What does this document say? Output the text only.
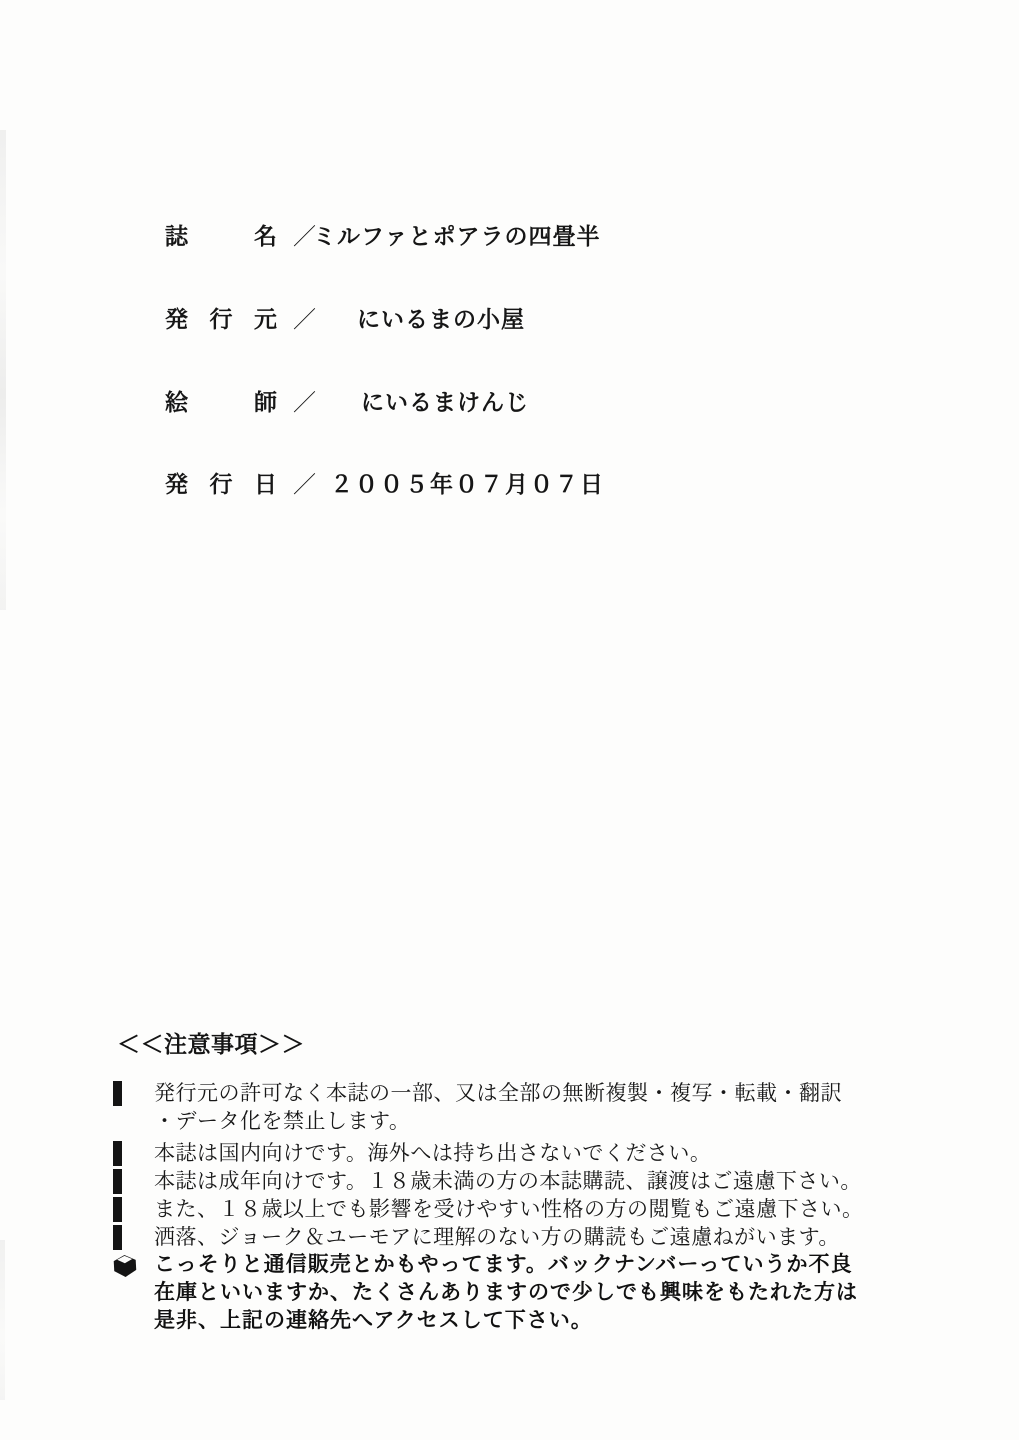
誌名 ／ミルファとポアラの四畳半
発行元 ／ にいるまの小屋
絵師 ／ にいるまけんじ
発行日 ／ ２００５年０７月０７日
＜＜注意事項＞＞
発行元の許可なく本誌の一部、又は全部の無断複製・複写・転載・翻訳
・データ化を禁止します。
本誌は国内向けです。海外へは持ち出さないでください。
本誌は成年向けです。１８歳未満の方の本誌購読、譲渡はご遠慮下さい。
また、１８歳以上でも影響を受けやすい性格の方の閲覧もご遠慮下さい。
洒落、ジョーク＆ユーモアに理解のない方の購読もご遠慮ねがいます。
こっそりと通信販売とかもやってます。バックナンバーっていうか不良
在庫といいますか、たくさんありますので少しでも興味をもたれた方は
是非、上記の連絡先へアクセスして下さい。
